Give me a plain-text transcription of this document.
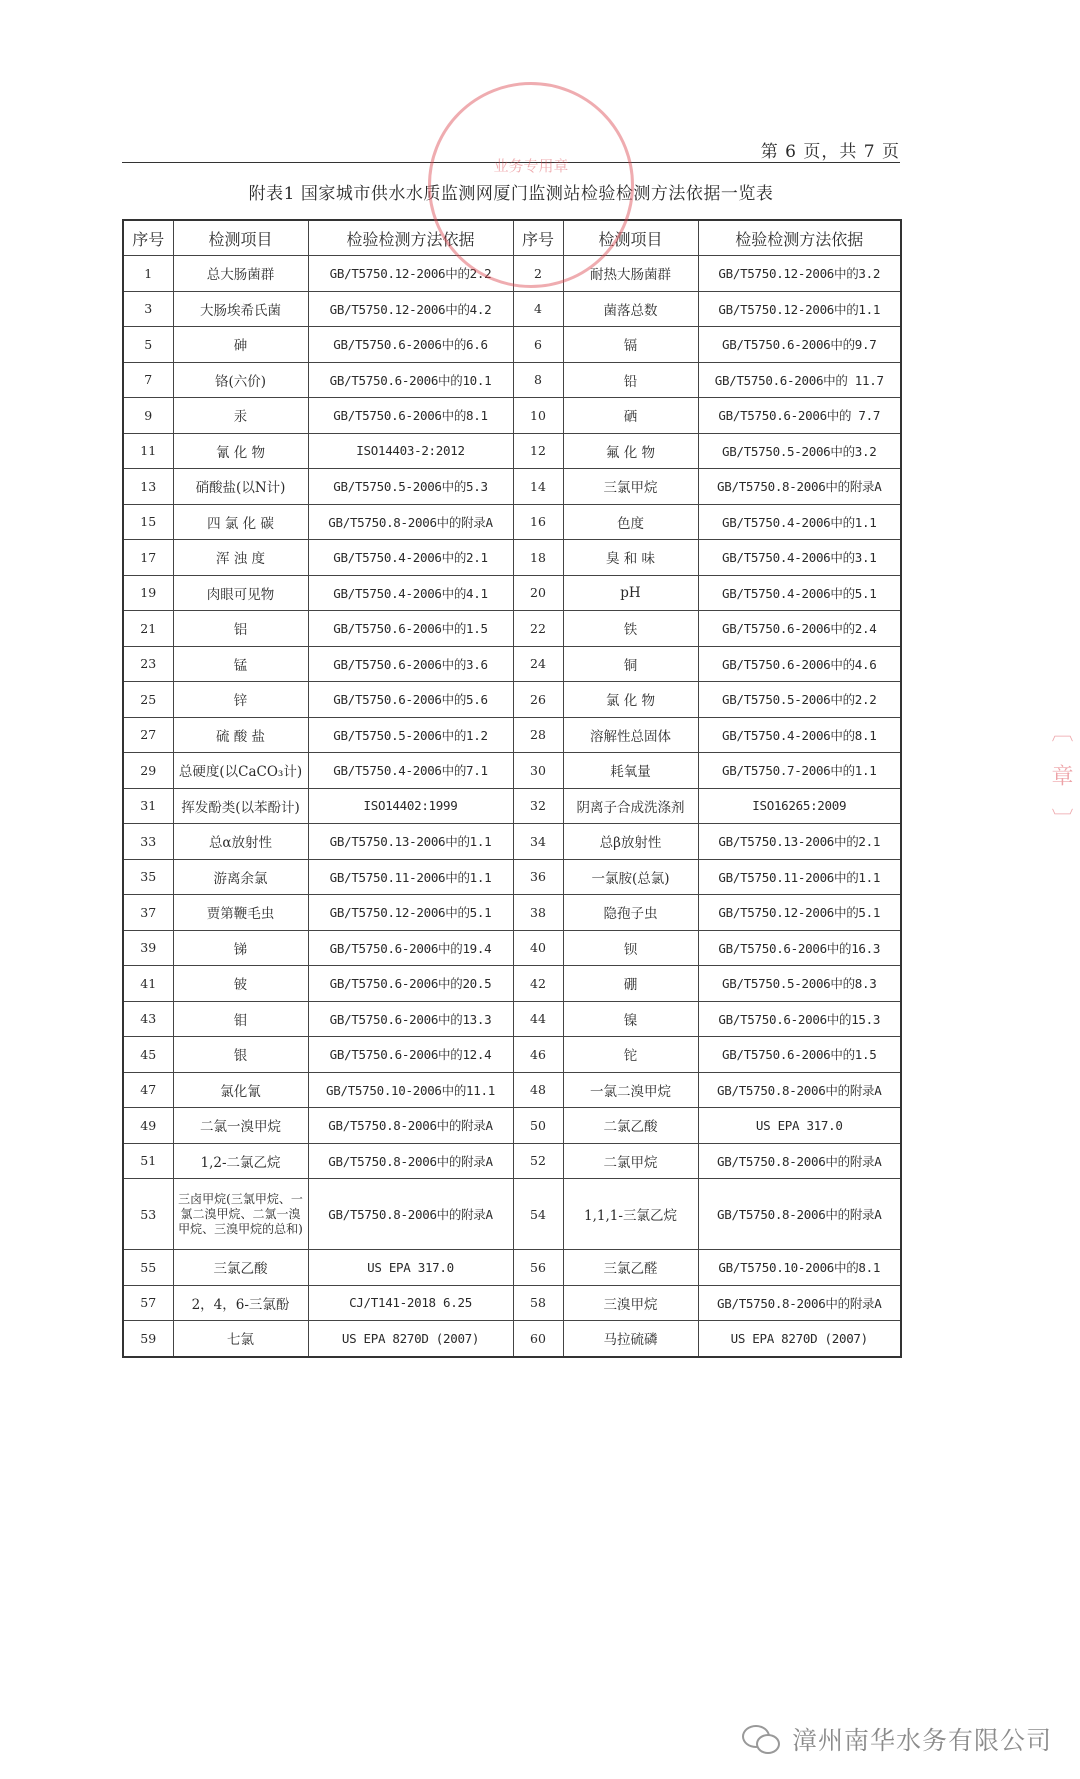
第 6 页，共 7 页
附表1 国家城市供水水质监测网厦门监测站检验检测方法依据一览表
序号	检测项目	检验检测方法依据	序号	检测项目	检验检测方法依据
1	总大肠菌群	GB/T5750.12-2006中的2.2	2	耐热大肠菌群	GB/T5750.12-2006中的3.2
3	大肠埃希氏菌	GB/T5750.12-2006中的4.2	4	菌落总数	GB/T5750.12-2006中的1.1
5	砷	GB/T5750.6-2006中的6.6	6	镉	GB/T5750.6-2006中的9.7
7	铬(六价)	GB/T5750.6-2006中的10.1	8	铅	GB/T5750.6-2006中的 11.7
9	汞	GB/T5750.6-2006中的8.1	10	硒	GB/T5750.6-2006中的 7.7
11	氰 化 物	ISO14403-2:2012	12	氟 化 物	GB/T5750.5-2006中的3.2
13	硝酸盐(以N计)	GB/T5750.5-2006中的5.3	14	三氯甲烷	GB/T5750.8-2006中的附录A
15	四 氯 化 碳	GB/T5750.8-2006中的附录A	16	色度	GB/T5750.4-2006中的1.1
17	浑 浊 度	GB/T5750.4-2006中的2.1	18	臭 和 味	GB/T5750.4-2006中的3.1
19	肉眼可见物	GB/T5750.4-2006中的4.1	20	pH	GB/T5750.4-2006中的5.1
21	铝	GB/T5750.6-2006中的1.5	22	铁	GB/T5750.6-2006中的2.4
23	锰	GB/T5750.6-2006中的3.6	24	铜	GB/T5750.6-2006中的4.6
25	锌	GB/T5750.6-2006中的5.6	26	氯 化 物	GB/T5750.5-2006中的2.2
27	硫 酸 盐	GB/T5750.5-2006中的1.2	28	溶解性总固体	GB/T5750.4-2006中的8.1
29	总硬度(以CaCO₃计)	GB/T5750.4-2006中的7.1	30	耗氧量	GB/T5750.7-2006中的1.1
31	挥发酚类(以苯酚计)	ISO14402:1999	32	阴离子合成洗涤剂	ISO16265:2009
33	总α放射性	GB/T5750.13-2006中的1.1	34	总β放射性	GB/T5750.13-2006中的2.1
35	游离余氯	GB/T5750.11-2006中的1.1	36	一氯胺(总氯)	GB/T5750.11-2006中的1.1
37	贾第鞭毛虫	GB/T5750.12-2006中的5.1	38	隐孢子虫	GB/T5750.12-2006中的5.1
39	锑	GB/T5750.6-2006中的19.4	40	钡	GB/T5750.6-2006中的16.3
41	铍	GB/T5750.6-2006中的20.5	42	硼	GB/T5750.5-2006中的8.3
43	钼	GB/T5750.6-2006中的13.3	44	镍	GB/T5750.6-2006中的15.3
45	银	GB/T5750.6-2006中的12.4	46	铊	GB/T5750.6-2006中的1.5
47	氯化氰	GB/T5750.10-2006中的11.1	48	一氯二溴甲烷	GB/T5750.8-2006中的附录A
49	二氯一溴甲烷	GB/T5750.8-2006中的附录A	50	二氯乙酸	US EPA 317.0
51	1,2-二氯乙烷	GB/T5750.8-2006中的附录A	52	二氯甲烷	GB/T5750.8-2006中的附录A
53	三卤甲烷(三氯甲烷、一氯二溴甲烷、二氯一溴甲烷、三溴甲烷的总和)	GB/T5750.8-2006中的附录A	54	1,1,1-三氯乙烷	GB/T5750.8-2006中的附录A
55	三氯乙酸	US EPA 317.0	56	三氯乙醛	GB/T5750.10-2006中的8.1
57	2，4，6-三氯酚	CJ/T141-2018 6.25	58	三溴甲烷	GB/T5750.8-2006中的附录A
59	七氯	US EPA 8270D (2007)	60	马拉硫磷	US EPA 8270D (2007)
业务专用章
〔　章　〕
漳州南华水务有限公司
